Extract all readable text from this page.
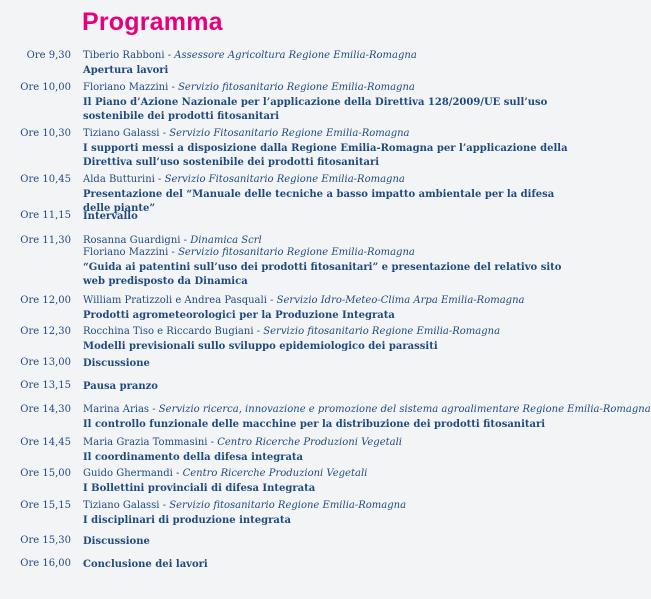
Programma
Ore 9,30 Tiberio Rabboni - Assessore Agricoltura Regione Emilia-Romagna
Apertura lavori
Ore 10,00 Floriano Mazzini - Servizio fitosanitario Regione Emilia-Romagna
Il Piano d’Azione Nazionale per l’applicazione della Direttiva 128/2009/UE sull’uso sostenibile dei prodotti fitosanitari
Ore 10,30 Tiziano Galassi - Servizio Fitosanitario Regione Emilia-Romagna
I supporti messi a disposizione dalla Regione Emilia-Romagna per l’applicazione della Direttiva sull’uso sostenibile dei prodotti fitosanitari
Ore 10,45 Alda Butturini - Servizio Fitosanitario Regione Emilia-Romagna
Presentazione del “Manuale delle tecniche a basso impatto ambientale per la difesa delle piante”
Ore 11,15 Intervallo
Ore 11,30 Rosanna Guardigni - Dinamica Scrl
Floriano Mazzini - Servizio fitosanitario Regione Emilia-Romagna
“Guida ai patentini sull’uso dei prodotti fitosanitari” e presentazione del relativo sito web predisposto da Dinamica
Ore 12,00 William Pratizzoli e Andrea Pasquali - Servizio Idro-Meteo-Clima Arpa Emilia-Romagna
Prodotti agrometeorologici per la Produzione Integrata
Ore 12,30 Rocchina Tiso e Riccardo Bugiani - Servizio fitosanitario Regione Emilia-Romagna
Modelli previsionali sullo sviluppo epidemiologico dei parassiti
Ore 13,00 Discussione
Ore 13,15 Pausa pranzo
Ore 14,30 Marina Arias - Servizio ricerca, innovazione e promozione del sistema agroalimentare Regione Emilia-Romagna
Il controllo funzionale delle macchine per la distribuzione dei prodotti fitosanitari
Ore 14,45 Maria Grazia Tommasini - Centro Ricerche Produzioni Vegetali
Il coordinamento della difesa integrata
Ore 15,00 Guido Ghermandi - Centro Ricerche Produzioni Vegetali
I Bollettini provinciali di difesa Integrata
Ore 15,15 Tiziano Galassi - Servizio fitosanitario Regione Emilia-Romagna
I disciplinari di produzione integrata
Ore 15,30 Discussione
Ore 16,00 Conclusione dei lavori
